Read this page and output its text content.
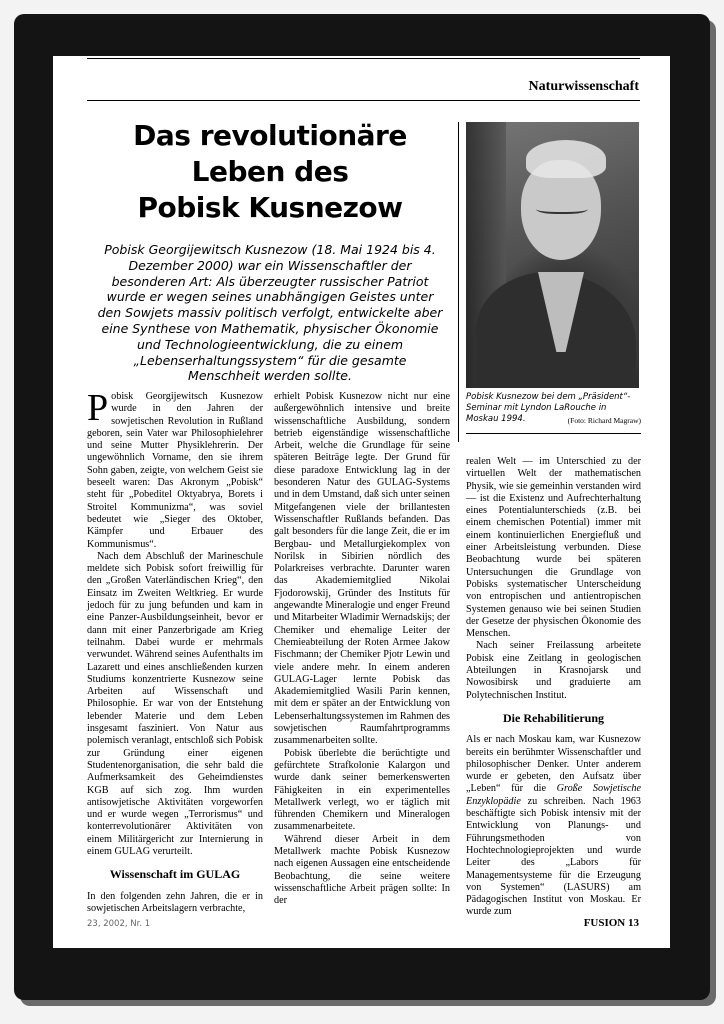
Naturwissenschaft
Das revolutionäre
Leben des
Pobisk Kusnezow
Pobisk Georgijewitsch Kusnezow (18. Mai 1924 bis 4. Dezember 2000) war ein Wissenschaftler der besonderen Art: Als überzeugter russischer Patriot wurde er wegen seines unabhängigen Geistes unter den Sowjets massiv politisch verfolgt, entwickelte aber eine Synthese von Mathematik, physischer Ökonomie und Technologieentwicklung, die zu einem „Lebenserhaltungssystem“ für die gesamte Menschheit werden sollte.
Pobisk Kusnezow bei dem „Präsident“-Seminar mit Lyndon LaRouche in Moskau 1994.	(Foto: Richard Magraw)

Pobisk Georgijewitsch Kusnezow wurde in den Jahren der sowjetischen Revolution in Rußland geboren, sein Vater war Philosophielehrer und seine Mutter Physiklehrerin. Der ungewöhnlich Vorname, den sie ihrem Sohn gaben, zeigte, von welchem Geist sie beseelt waren: Das Akronym „Pobisk“ steht für „Pobeditel Oktyabrya, Borets i Stroitel Kommunizma“, was soviel bedeutet wie „Sieger des Oktober, Kämpfer und Erbauer des Kommunismus“.

Nach dem Abschluß der Marineschule meldete sich Pobisk sofort freiwillig für den „Großen Vaterländischen Krieg“, den Einsatz im Zweiten Weltkrieg. Er wurde jedoch für zu jung befunden und kam in eine Panzer-Ausbildungseinheit, bevor er dann mit einer Panzerbrigade am Krieg teilnahm. Dabei wurde er mehrmals verwundet. Während seines Aufenthalts im Lazarett und eines anschließenden kurzen Studiums konzentrierte Kusnezow seine Arbeiten auf Wissenschaft und Philosophie. Er war von der Entstehung lebender Materie und dem Leben insgesamt fasziniert. Von Natur aus polemisch veranlagt, entschloß sich Pobisk zur Gründung einer eigenen Studentenorganisation, die sehr bald die Aufmerksamkeit des Geheimdienstes KGB auf sich zog. Ihm wurden antisowjetische Aktivitäten vorgeworfen und er wurde wegen „Terrorismus“ und konterrevolutionärer Aktivitäten von einem Militärgericht zur Internierung in einem GULAG verurteilt.

Wissenschaft im GULAG

In den folgenden zehn Jahren, die er in sowjetischen Arbeitslagern verbrachte,

erhielt Pobisk Kusnezow nicht nur eine außergewöhnlich intensive und breite wissenschaftliche Ausbildung, sondern betrieb eigenständige wissenschaftliche Arbeit, welche die Grundlage für seine späteren Beiträge legte. Der Grund für diese paradoxe Entwicklung lag in der besonderen Natur des GULAG-Systems und in dem Umstand, daß sich unter seinen Mitgefangenen viele der brillantesten Wissenschaftler Rußlands befanden. Das galt besonders für die lange Zeit, die er im Bergbau- und Metallurgiekomplex von Norilsk in Sibirien nördlich des Polarkreises verbrachte. Darunter waren das Akademiemitglied Nikolai Fjodorowskij, Gründer des Instituts für angewandte Mineralogie und enger Freund und Mitarbeiter Wladimir Wernadskijs; der Chemiker und ehemalige Leiter der Chemieabteilung der Roten Armee Jakow Fischmann; der Chemiker Pjotr Lewin und viele andere mehr. In einem anderen GULAG-Lager lernte Pobisk das Akademiemitglied Wasili Parin kennen, mit dem er später an der Entwicklung von Lebenserhaltungssystemen im Rahmen des sowjetischen Raumfahrtprogramms zusammenarbeiten sollte.

Pobisk überlebte die berüchtigte und gefürchtete Strafkolonie Kalargon und wurde dank seiner bemerkenswerten Fähigkeiten in ein experimentelles Metallwerk verlegt, wo er täglich mit führenden Chemikern und Mineralogen zusammenarbeitete.

Während dieser Arbeit in dem Metallwerk machte Pobisk Kusnezow nach eigenen Aussagen eine entscheidende Beobachtung, die seine weitere wissenschaftliche Arbeit prägen sollte: In der

realen Welt — im Unterschied zu der virtuellen Welt der mathematischen Physik, wie sie gemeinhin verstanden wird — ist die Existenz und Aufrechterhaltung eines Potentialunterschieds (z.B. bei einem chemischen Potential) immer mit einem kontinuierlichen Energiefluß und einer Arbeitsleistung verbunden. Diese Beobachtung wurde bei späteren Untersuchungen die Grundlage von Pobisks systematischer Unterscheidung von entropischen und antientropischen Systemen genauso wie bei seinen Studien der Gesetze der physischen Ökonomie des Menschen.

Nach seiner Freilassung arbeitete Pobisk eine Zeitlang in geologischen Abteilungen in Krasnojarsk und Nowosibirsk und graduierte am Polytechnischen Institut.

Die Rehabilitierung

Als er nach Moskau kam, war Kusnezow bereits ein berühmter Wissenschaftler und philosophischer Denker. Unter anderem wurde er gebeten, den Aufsatz über „Leben“ für die Große Sowjetische Enzyklopädie zu schreiben. Nach 1963 beschäftigte sich Pobisk intensiv mit der Entwicklung von Planungs- und Führungsmethoden von Hochtechnologieprojekten und wurde Leiter des „Labors für Managementsysteme für die Erzeugung von Systemen“ (LASURS) am Pädagogischen Institut von Moskau. Er wurde zum

23, 2002, Nr. 1	FUSION 13
